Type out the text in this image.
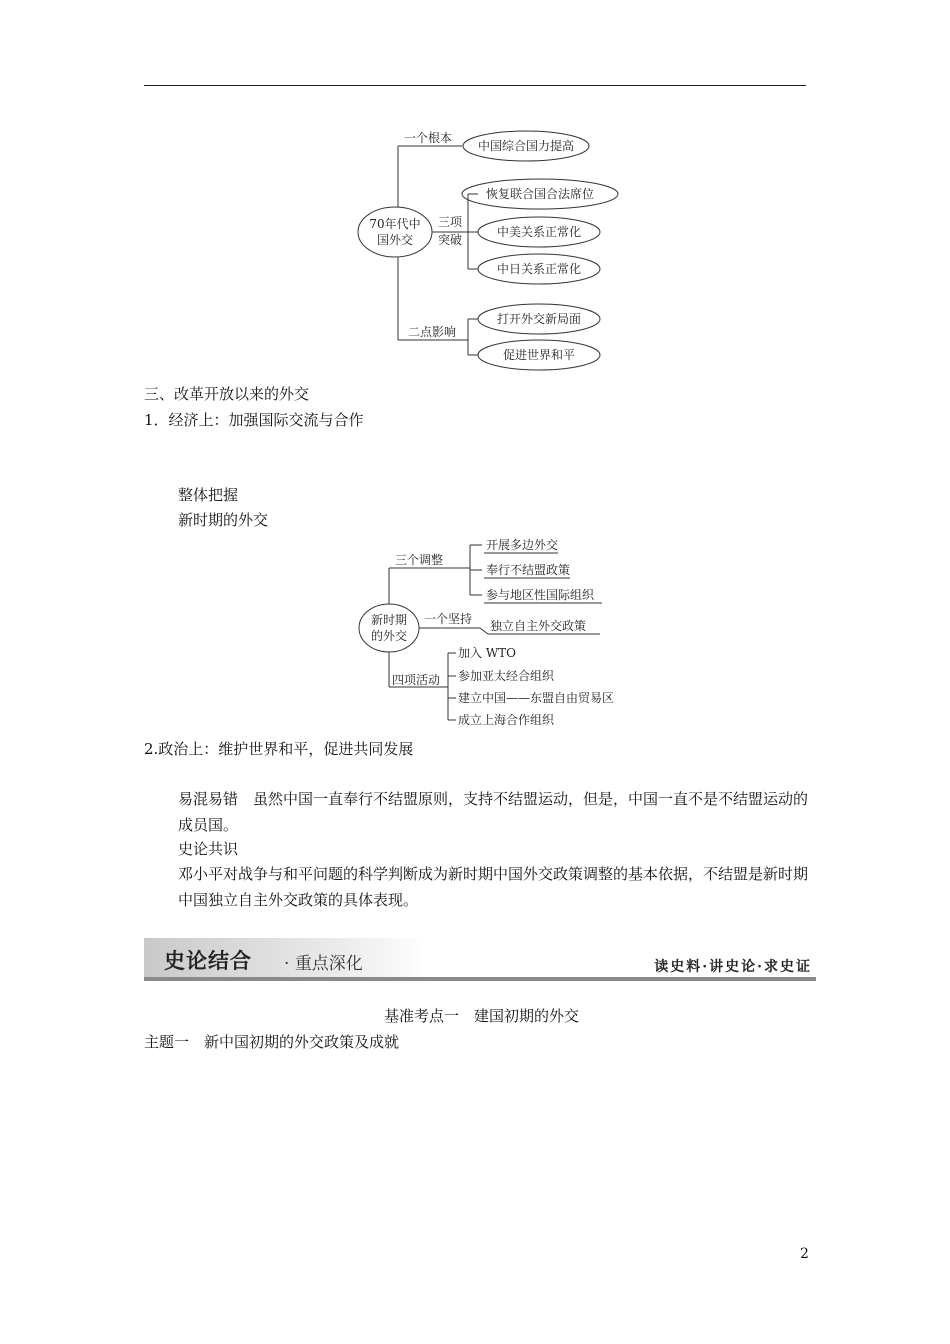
70年代中
国外交
一个根本
三项
突破
二点影响
中国综合国力提高
恢复联合国合法席位
中美关系正常化
中日关系正常化
打开外交新局面
促进世界和平
三、改革开放以来的外交
1．经济上：加强国际交流与合作
整体把握
新时期的外交
新时期
的外交
三个调整
一个坚持
四项活动
开展多边外交
奉行不结盟政策
参与地区性国际组织
独立自主外交政策
加入 WTO
参加亚太经合组织
建立中国——东盟自由贸易区
成立上海合作组织
2.政治上：维护世界和平，促进共同发展
易混易错　虽然中国一直奉行不结盟原则，支持不结盟运动，但是，中国一直不是不结盟运动的成员国。
史论共识
邓小平对战争与和平问题的科学判断成为新时期中国外交政策调整的基本依据，不结盟是新时期中国独立自主外交政策的具体表现。
史论结合 · 重点深化	读史料·讲史论·求史证
基准考点一　建国初期的外交
主题一　新中国初期的外交政策及成就
2
